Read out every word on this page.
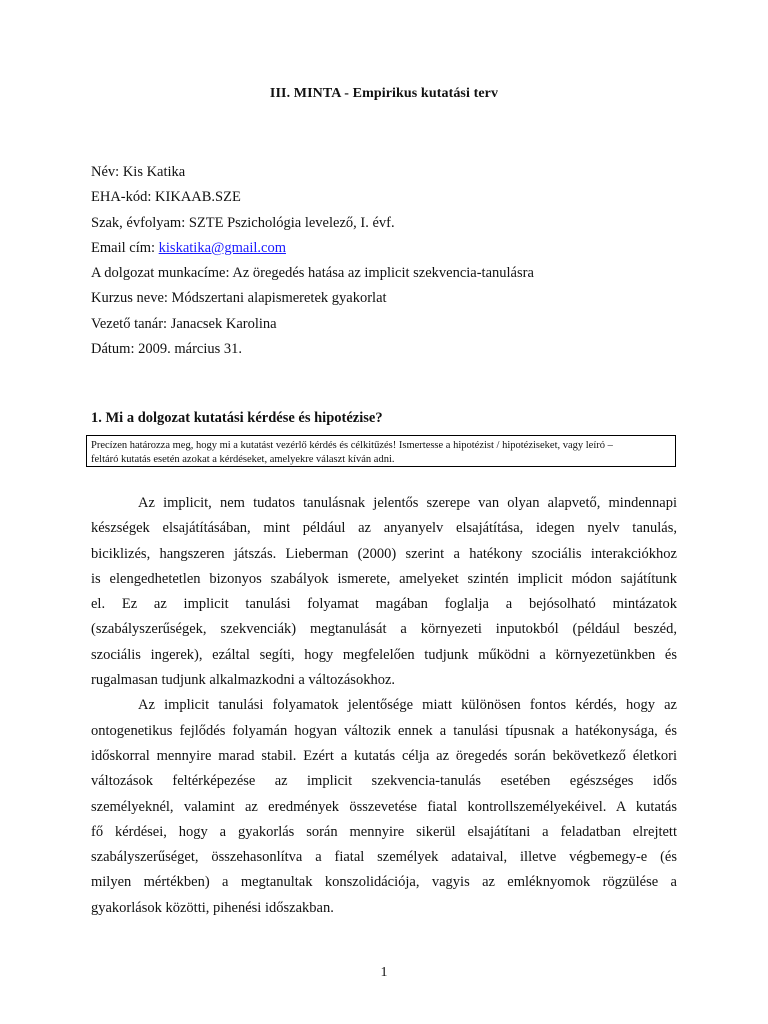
III. MINTA - Empirikus kutatási terv
Név: Kis Katika
EHA-kód: KIKAAB.SZE
Szak, évfolyam: SZTE Pszichológia levelező, I. évf.
Email cím: kiskatika@gmail.com
A dolgozat munkacíme: Az öregedés hatása az implicit szekvencia-tanulásra
Kurzus neve: Módszertani alapismeretek gyakorlat
Vezető tanár: Janacsek Karolina
Dátum: 2009. március 31.
1. Mi a dolgozat kutatási kérdése és hipotézise?
Precízen határozza meg, hogy mi a kutatást vezérlő kérdés és célkitűzés! Ismertesse a hipotézist / hipotéziseket, vagy leíró –
feltáró kutatás esetén azokat a kérdéseket, amelyekre választ kíván adni.
Az implicit, nem tudatos tanulásnak jelentős szerepe van olyan alapvető, mindennapi
készségek elsajátításában, mint például az anyanyelv elsajátítása, idegen nyelv tanulás,
biciklizés, hangszeren játszás. Lieberman (2000) szerint a hatékony szociális interakciókhoz
is elengedhetetlen bizonyos szabályok ismerete, amelyeket szintén implicit módon sajátítunk
el. Ez az implicit tanulási folyamat magában foglalja a bejósolható mintázatok
(szabályszerűségek, szekvenciák) megtanulását a környezeti inputokból (például beszéd,
szociális ingerek), ezáltal segíti, hogy megfelelően tudjunk működni a környezetünkben és
rugalmasan tudjunk alkalmazkodni a változásokhoz.
Az implicit tanulási folyamatok jelentősége miatt különösen fontos kérdés, hogy az
ontogenetikus fejlődés folyamán hogyan változik ennek a tanulási típusnak a hatékonysága, és
időskorral mennyire marad stabil. Ezért a kutatás célja az öregedés során bekövetkező életkori
változások feltérképezése az implicit szekvencia-tanulás esetében egészséges idős
személyeknél, valamint az eredmények összevetése fiatal kontrollszemélyekéivel. A kutatás
fő kérdései, hogy a gyakorlás során mennyire sikerül elsajátítani a feladatban elrejtett
szabályszerűséget, összehasonlítva a fiatal személyek adataival, illetve végbemegy-e (és
milyen mértékben) a megtanultak konszolidációja, vagyis az emléknyomok rögzülése a
gyakorlások közötti, pihenési időszakban.
1
